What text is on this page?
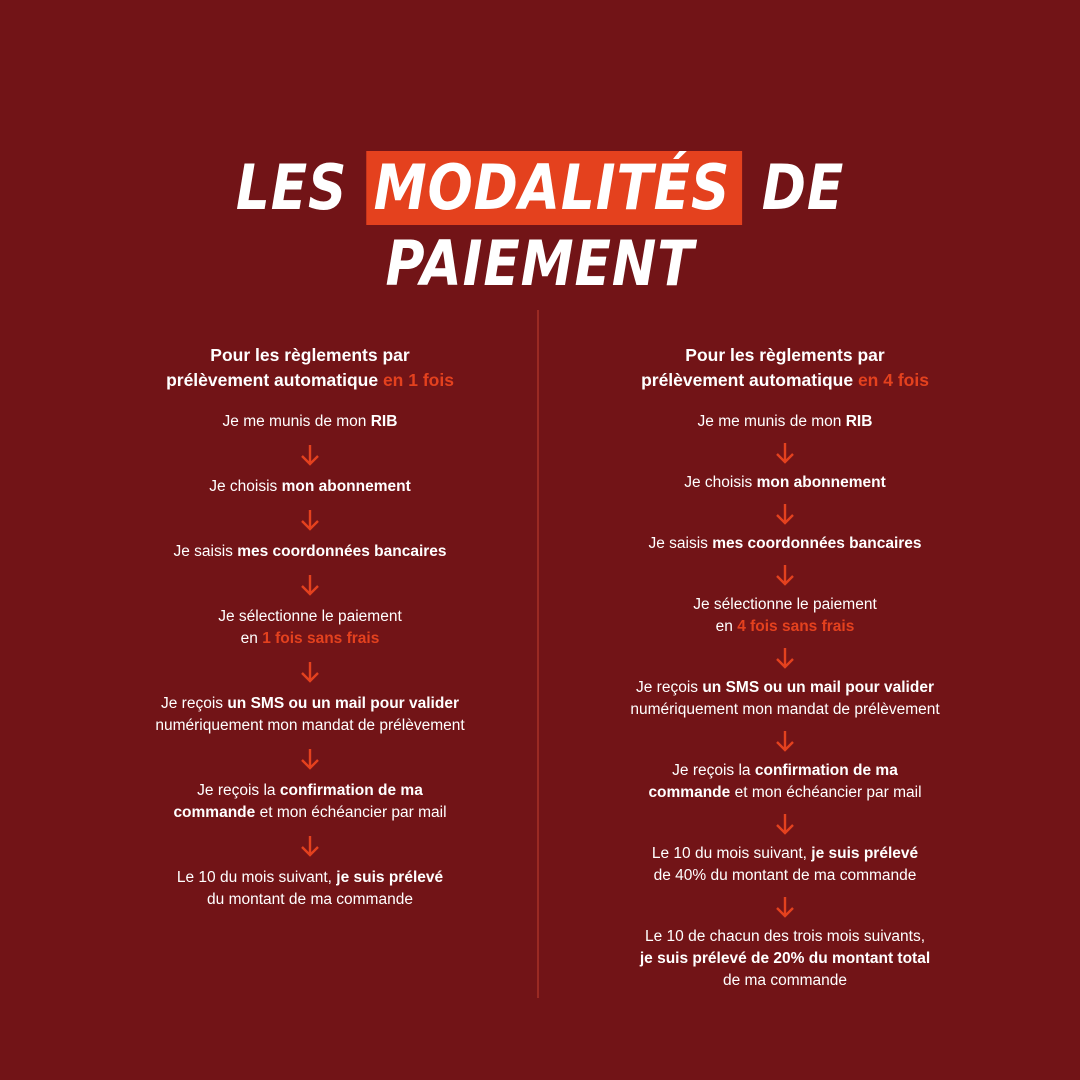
LES MODALITÉS DE
PAIEMENT
Pour les règlements par
prélèvement automatique en 1 fois
Je me munis de mon RIB
Je choisis mon abonnement
Je saisis mes coordonnées bancaires
Je sélectionne le paiement
en 1 fois sans frais
Je reçois un SMS ou un mail pour valider
numériquement mon mandat de prélèvement
Je reçois la confirmation de ma
commande et mon échéancier par mail
Le 10 du mois suivant, je suis prélevé
du montant de ma commande
Pour les règlements par
prélèvement automatique en 4 fois
Je me munis de mon RIB
Je choisis mon abonnement
Je saisis mes coordonnées bancaires
Je sélectionne le paiement
en 4 fois sans frais
Je reçois un SMS ou un mail pour valider
numériquement mon mandat de prélèvement
Je reçois la confirmation de ma
commande et mon échéancier par mail
Le 10 du mois suivant, je suis prélevé
de 40% du montant de ma commande
Le 10 de chacun des trois mois suivants,
je suis prélevé de 20% du montant total
de ma commande
